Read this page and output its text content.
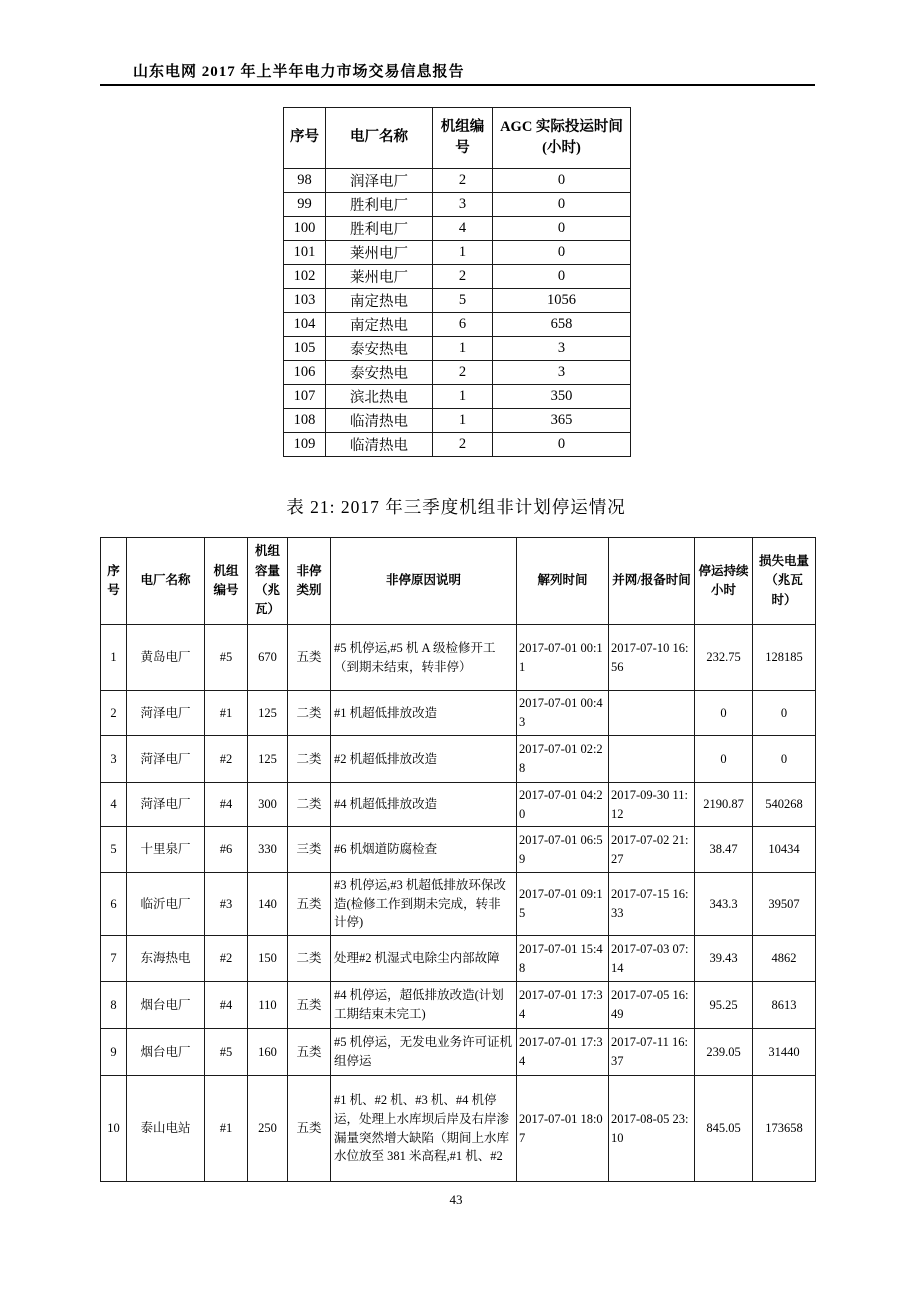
山东电网 2017 年上半年电力市场交易信息报告
序号	电厂名称	机组编号	AGC 实际投运时间(小时)
98	润泽电厂	2	0
99	胜利电厂	3	0
100	胜利电厂	4	0
101	莱州电厂	1	0
102	莱州电厂	2	0
103	南定热电	5	1056
104	南定热电	6	658
105	泰安热电	1	3
106	泰安热电	2	3
107	滨北热电	1	350
108	临清热电	1	365
109	临清热电	2	0
表 21: 2017 年三季度机组非计划停运情况
序号	电厂名称	机组编号	机组容量（兆瓦）	非停类别	非停原因说明	解列时间	并网/报备时间	停运持续小时	损失电量（兆瓦时）
1	黄岛电厂	#5	670	五类	#5 机停运,#5 机 A 级检修开工（到期未结束，转非停）	2017-07-01 00:11	2017-07-10 16:56	232.75	128185
2	菏泽电厂	#1	125	二类	#1 机超低排放改造	2017-07-01 00:43		0	0
3	菏泽电厂	#2	125	二类	#2 机超低排放改造	2017-07-01 02:28		0	0
4	菏泽电厂	#4	300	二类	#4 机超低排放改造	2017-07-01 04:20	2017-09-30 11:12	2190.87	540268
5	十里泉厂	#6	330	三类	#6 机烟道防腐检查	2017-07-01 06:59	2017-07-02 21:27	38.47	10434
6	临沂电厂	#3	140	五类	#3 机停运,#3 机超低排放环保改造(检修工作到期未完成，转非计停)	2017-07-01 09:15	2017-07-15 16:33	343.3	39507
7	东海热电	#2	150	二类	处理#2 机湿式电除尘内部故障	2017-07-01 15:48	2017-07-03 07:14	39.43	4862
8	烟台电厂	#4	110	五类	#4 机停运，超低排放改造(计划工期结束未完工)	2017-07-01 17:34	2017-07-05 16:49	95.25	8613
9	烟台电厂	#5	160	五类	#5 机停运，无发电业务许可证机组停运	2017-07-01 17:34	2017-07-11 16:37	239.05	31440
10	泰山电站	#1	250	五类	#1 机、#2 机、#3 机、#4 机停运，处理上水库坝后岸及右岸渗漏量突然增大缺陷（期间上水库水位放至 381 米高程,#1 机、#2	2017-07-01 18:07	2017-08-05 23:10	845.05	173658
43
